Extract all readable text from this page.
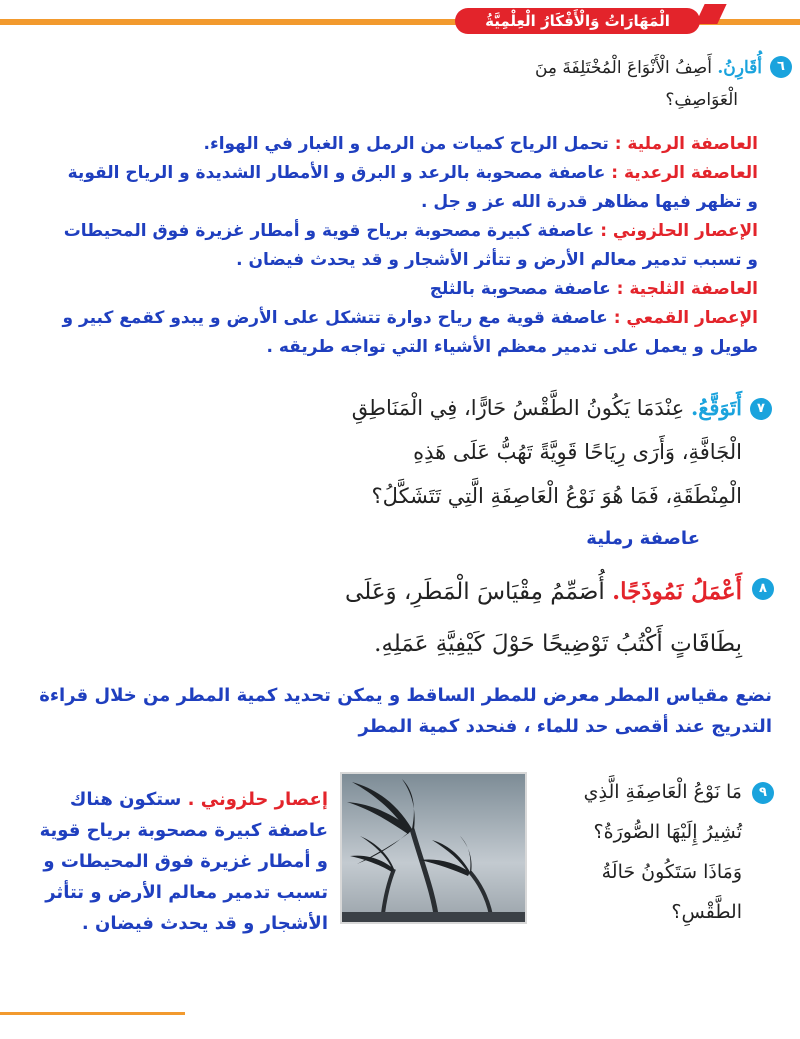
الْمَهَارَاتُ وَالْأَفْكَارُ الْعِلْمِيَّةُ
٦
أُقَارِنُ. أَصِفُ الْأَنْوَاعَ الْمُخْتَلِفَةَ مِنَ
الْعَوَاصِفِ؟
العاصفة الرملية : تحمل الرياح كميات من الرمل و الغبار في الهواء.
العاصفة الرعدية : عاصفة مصحوبة بالرعد و البرق و الأمطار الشديدة و الرياح القوية و تظهر فيها مظاهر قدرة الله عز و جل .
الإعصار الحلزوني : عاصفة كبيرة مصحوبة برياح قوية و أمطار غزيرة فوق المحيطات و تسبب تدمير معالم الأرض و تتأثر الأشجار و قد يحدث فيضان .
العاصفة الثلجية : عاصفة مصحوبة بالثلج
الإعصار القمعي : عاصفة قوية مع رياح دوارة تتشكل على الأرض و يبدو كقمع كبير و طويل و يعمل على تدمير معظم الأشياء التي تواجه طريقه .
٧
أَتَوَقَّعُ. عِنْدَمَا يَكُونُ الطَّقْسُ حَارًّا، فِي الْمَنَاطِقِ
الْجَافَّةِ، وَأَرَى رِيَاحًا قَوِيَّةً تَهُبُّ عَلَى هَذِهِ
الْمِنْطَقَةِ، فَمَا هُوَ نَوْعُ الْعَاصِفَةِ الَّتِي تَتَشَكَّلُ؟
عاصفة رملية
٨
أَعْمَلُ نَمُوذَجًا. أُصَمِّمُ مِقْيَاسَ الْمَطَرِ، وَعَلَى
بِطَاقَاتٍ أَكْتُبُ تَوْضِيحًا حَوْلَ كَيْفِيَّةِ عَمَلِهِ.
نضع مقياس المطر معرض للمطر الساقط و يمكن تحديد كمية المطر من خلال قراءة التدريج عند أقصى حد للماء ، فنحدد كمية المطر
٩
مَا نَوْعُ الْعَاصِفَةِ الَّذِي
تُشِيرُ إِلَيْهَا الصُّورَةُ؟
وَمَاذَا سَتَكُونُ حَالَةُ
الطَّقْسِ؟
إعصار حلزوني . ستكون هناك عاصفة كبيرة مصحوبة برياح قوية و أمطار غزيرة فوق المحيطات و تسبب تدمير معالم الأرض و تتأثر الأشجار و قد يحدث فيضان .
